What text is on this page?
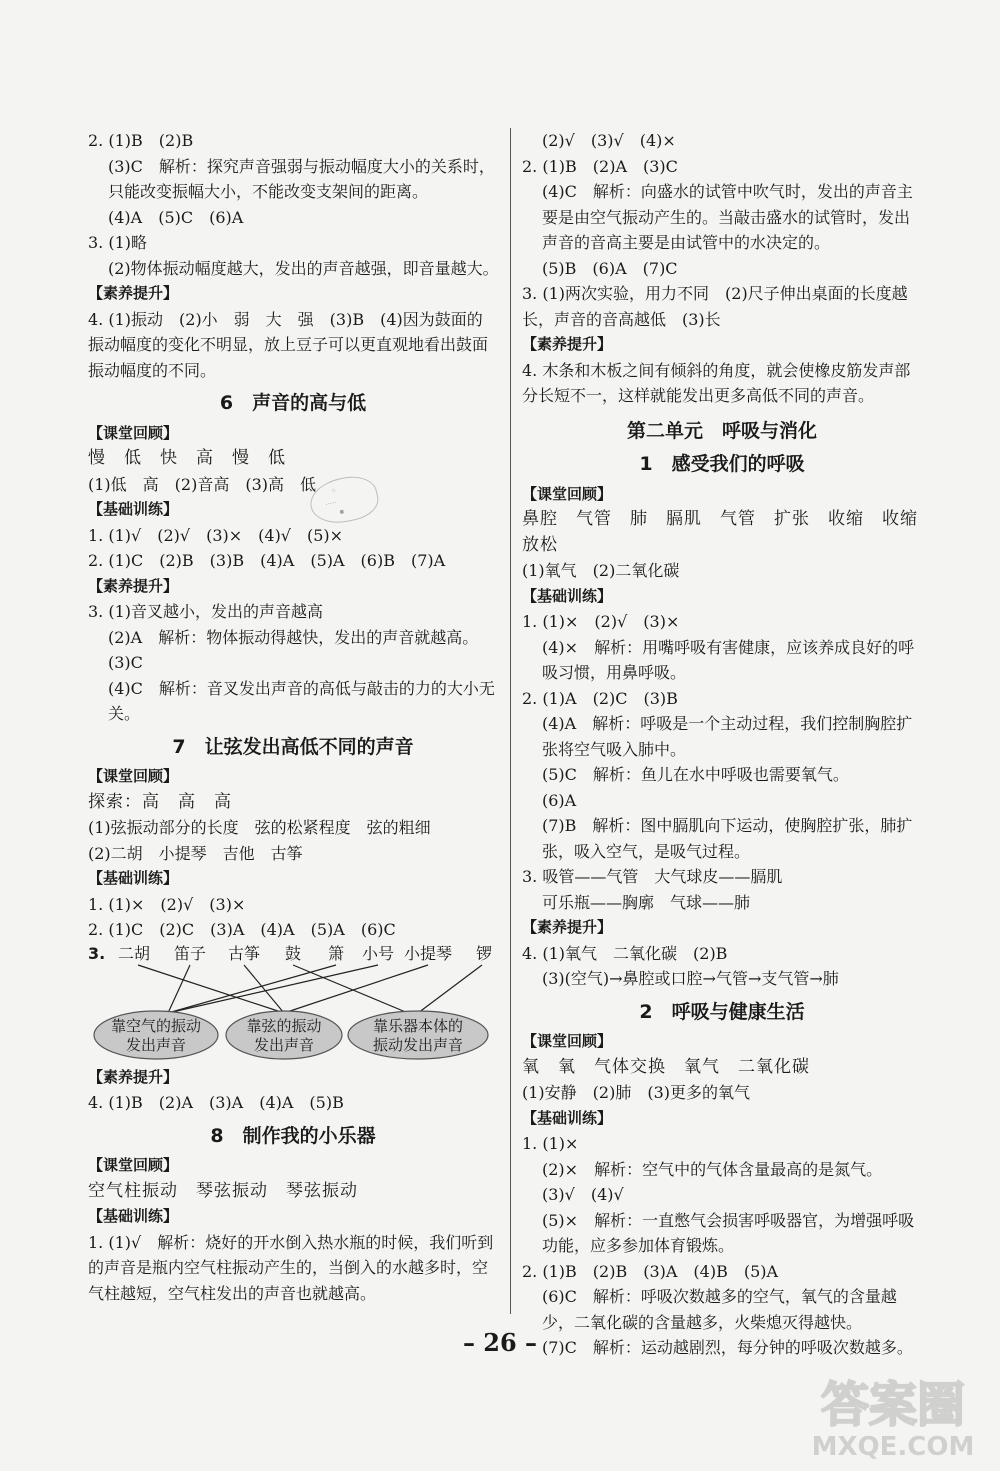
2. (1)B　(2)B
(3)C　解析：探究声音强弱与振动幅度大小的关系时，只能改变振幅大小，不能改变支架间的距离。
(4)A　(5)C　(6)A
3. (1)略
(2)物体振动幅度越大，发出的声音越强，即音量越大。
【素养提升】
4. (1)振动　(2)小　弱　大　强　(3)B　(4)因为鼓面的振动幅度的变化不明显，放上豆子可以更直观地看出鼓面振动幅度的不同。
6　声音的高与低
【课堂回顾】
慢　低　快　高　慢　低
(1)低　高　(2)音高　(3)高　低
【基础训练】
1. (1)√　(2)√　(3)×　(4)√　(5)×
2. (1)C　(2)B　(3)B　(4)A　(5)A　(6)B　(7)A
【素养提升】
3. (1)音叉越小，发出的声音越高
(2)A　解析：物体振动得越快，发出的声音就越高。
(3)C
(4)C　解析：音叉发出声音的高低与敲击的力的大小无关。
7　让弦发出高低不同的声音
【课堂回顾】
探索：高　高　高
(1)弦振动部分的长度　弦的松紧程度　弦的粗细
(2)二胡　小提琴　吉他　古筝
【基础训练】
1. (1)×　(2)√　(3)×
2. (1)C　(2)C　(3)A　(4)A　(5)A　(6)C
3. 二胡 笛子 古筝 鼓 箫 小号 小提琴 锣
靠空气的振动
发出声音
靠弦的振动
发出声音
靠乐器本体的
振动发出声音
【素养提升】
4. (1)B　(2)A　(3)A　(4)A　(5)B
8　制作我的小乐器
【课堂回顾】
空气柱振动　琴弦振动　琴弦振动
【基础训练】
1. (1)√　解析：烧好的开水倒入热水瓶的时候，我们听到的声音是瓶内空气柱振动产生的，当倒入的水越多时，空气柱越短，空气柱发出的声音也就越高。
(2)√　(3)√　(4)×
2. (1)B　(2)A　(3)C
(4)C　解析：向盛水的试管中吹气时，发出的声音主要是由空气振动产生的。当敲击盛水的试管时，发出声音的音高主要是由试管中的水决定的。
(5)B　(6)A　(7)C
3. (1)两次实验，用力不同　(2)尺子伸出桌面的长度越长，声音的音高越低　(3)长
【素养提升】
4. 木条和木板之间有倾斜的角度，就会使橡皮筋发声部分长短不一，这样就能发出更多高低不同的声音。
第二单元　呼吸与消化
1　感受我们的呼吸
【课堂回顾】
鼻腔　气管　肺　膈肌　气管　扩张　收缩　收缩
放松
(1)氧气　(2)二氧化碳
【基础训练】
1. (1)×　(2)√　(3)×
(4)×　解析：用嘴呼吸有害健康，应该养成良好的呼吸习惯，用鼻呼吸。
2. (1)A　(2)C　(3)B
(4)A　解析：呼吸是一个主动过程，我们控制胸腔扩张将空气吸入肺中。
(5)C　解析：鱼儿在水中呼吸也需要氧气。
(6)A
(7)B　解析：图中膈肌向下运动，使胸腔扩张，肺扩张，吸入空气，是吸气过程。
3. 吸管——气管　大气球皮——膈肌
可乐瓶——胸廓　气球——肺
【素养提升】
4. (1)氧气　二氧化碳　(2)B
(3)(空气)→鼻腔或口腔→气管→支气管→肺
2　呼吸与健康生活
【课堂回顾】
氧　氧　气体交换　氧气　二氧化碳
(1)安静　(2)肺　(3)更多的氧气
【基础训练】
1. (1)×
(2)×　解析：空气中的气体含量最高的是氮气。
(3)√　(4)√
(5)×　解析：一直憋气会损害呼吸器官，为增强呼吸功能，应多参加体育锻炼。
2. (1)B　(2)B　(3)A　(4)B　(5)A
(6)C　解析：呼吸次数越多的空气，氧气的含量越少，二氧化碳的含量越多，火柴熄灭得越快。
(7)C　解析：运动越剧烈，每分钟的呼吸次数越多。
⁘
·····
▪
– 26 –
答案圈
MXQE.COM
